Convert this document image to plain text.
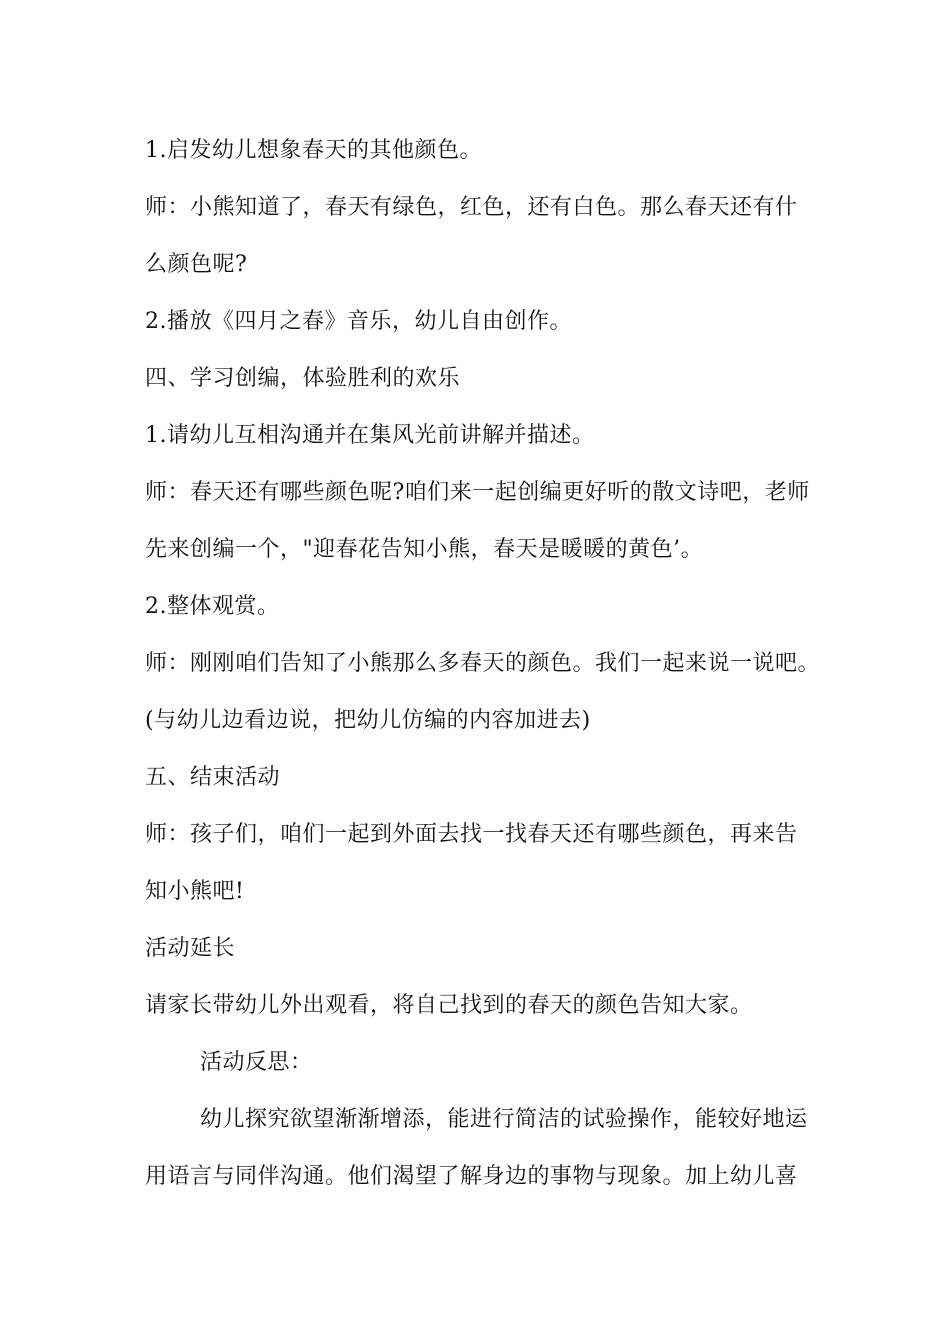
1.启发幼儿想象春天的其他颜色。
师：小熊知道了，春天有绿色，红色，还有白色。那么春天还有什
么颜色呢?
2.播放《四月之春》音乐，幼儿自由创作。
四、学习创编，体验胜利的欢乐
1.请幼儿互相沟通并在集风光前讲解并描述。
师：春天还有哪些颜色呢?咱们来一起创编更好听的散文诗吧，老师
先来创编一个，"迎春花告知小熊，春天是暖暖的黄色’。
2.整体观赏。
师：刚刚咱们告知了小熊那么多春天的颜色。我们一起来说一说吧。
(与幼儿边看边说，把幼儿仿编的内容加进去)
五、结束活动
师：孩子们，咱们一起到外面去找一找春天还有哪些颜色，再来告
知小熊吧!
活动延长
请家长带幼儿外出观看，将自己找到的春天的颜色告知大家。
活动反思：
幼儿探究欲望渐渐增添，能进行简洁的试验操作，能较好地运
用语言与同伴沟通。他们渴望了解身边的事物与现象。加上幼儿喜
